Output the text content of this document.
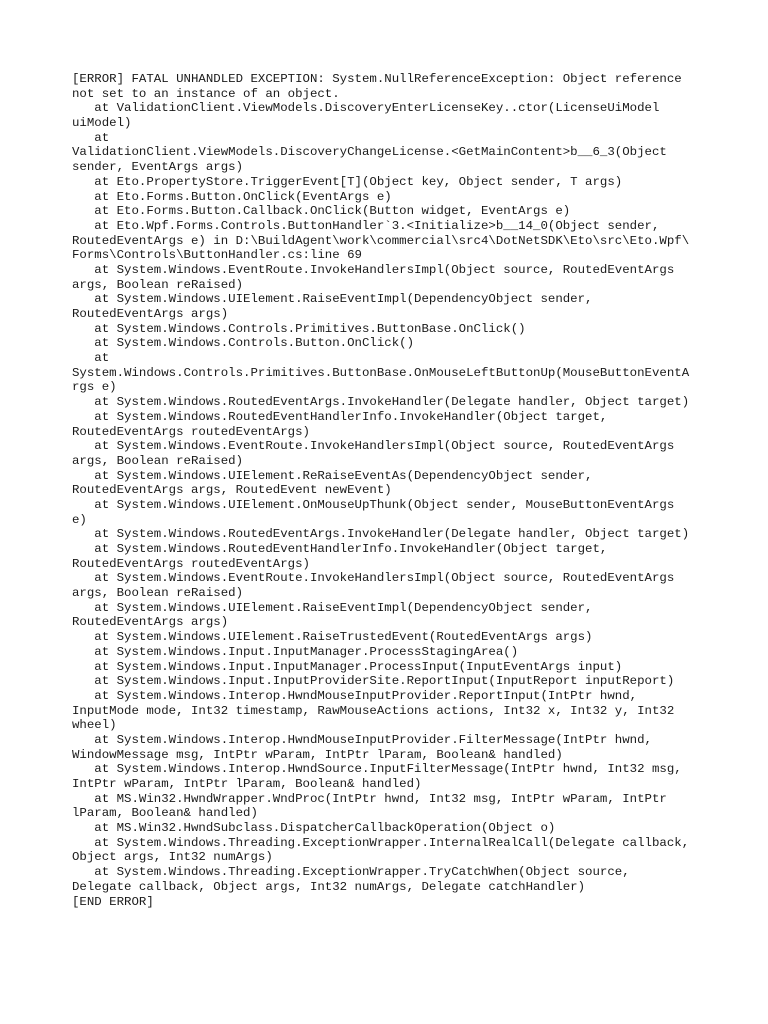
[ERROR] FATAL UNHANDLED EXCEPTION: System.NullReferenceException: Object reference
not set to an instance of an object.
at ValidationClient.ViewModels.DiscoveryEnterLicenseKey..ctor(LicenseUiModel
uiModel)
at
ValidationClient.ViewModels.DiscoveryChangeLicense.<GetMainContent>b__6_3(Object
sender, EventArgs args)
at Eto.PropertyStore.TriggerEvent[T](Object key, Object sender, T args)
at Eto.Forms.Button.OnClick(EventArgs e)
at Eto.Forms.Button.Callback.OnClick(Button widget, EventArgs e)
at Eto.Wpf.Forms.Controls.ButtonHandler`3.<Initialize>b__14_0(Object sender,
RoutedEventArgs e) in D:\BuildAgent\work\commercial\src4\DotNetSDK\Eto\src\Eto.Wpf\
Forms\Controls\ButtonHandler.cs:line 69
at System.Windows.EventRoute.InvokeHandlersImpl(Object source, RoutedEventArgs
args, Boolean reRaised)
at System.Windows.UIElement.RaiseEventImpl(DependencyObject sender,
RoutedEventArgs args)
at System.Windows.Controls.Primitives.ButtonBase.OnClick()
at System.Windows.Controls.Button.OnClick()
at
System.Windows.Controls.Primitives.ButtonBase.OnMouseLeftButtonUp(MouseButtonEventA
rgs e)
at System.Windows.RoutedEventArgs.InvokeHandler(Delegate handler, Object target)
at System.Windows.RoutedEventHandlerInfo.InvokeHandler(Object target,
RoutedEventArgs routedEventArgs)
at System.Windows.EventRoute.InvokeHandlersImpl(Object source, RoutedEventArgs
args, Boolean reRaised)
at System.Windows.UIElement.ReRaiseEventAs(DependencyObject sender,
RoutedEventArgs args, RoutedEvent newEvent)
at System.Windows.UIElement.OnMouseUpThunk(Object sender, MouseButtonEventArgs
e)
at System.Windows.RoutedEventArgs.InvokeHandler(Delegate handler, Object target)
at System.Windows.RoutedEventHandlerInfo.InvokeHandler(Object target,
RoutedEventArgs routedEventArgs)
at System.Windows.EventRoute.InvokeHandlersImpl(Object source, RoutedEventArgs
args, Boolean reRaised)
at System.Windows.UIElement.RaiseEventImpl(DependencyObject sender,
RoutedEventArgs args)
at System.Windows.UIElement.RaiseTrustedEvent(RoutedEventArgs args)
at System.Windows.Input.InputManager.ProcessStagingArea()
at System.Windows.Input.InputManager.ProcessInput(InputEventArgs input)
at System.Windows.Input.InputProviderSite.ReportInput(InputReport inputReport)
at System.Windows.Interop.HwndMouseInputProvider.ReportInput(IntPtr hwnd,
InputMode mode, Int32 timestamp, RawMouseActions actions, Int32 x, Int32 y, Int32
wheel)
at System.Windows.Interop.HwndMouseInputProvider.FilterMessage(IntPtr hwnd,
WindowMessage msg, IntPtr wParam, IntPtr lParam, Boolean& handled)
at System.Windows.Interop.HwndSource.InputFilterMessage(IntPtr hwnd, Int32 msg,
IntPtr wParam, IntPtr lParam, Boolean& handled)
at MS.Win32.HwndWrapper.WndProc(IntPtr hwnd, Int32 msg, IntPtr wParam, IntPtr
lParam, Boolean& handled)
at MS.Win32.HwndSubclass.DispatcherCallbackOperation(Object o)
at System.Windows.Threading.ExceptionWrapper.InternalRealCall(Delegate callback,
Object args, Int32 numArgs)
at System.Windows.Threading.ExceptionWrapper.TryCatchWhen(Object source,
Delegate callback, Object args, Int32 numArgs, Delegate catchHandler)
[END ERROR]
